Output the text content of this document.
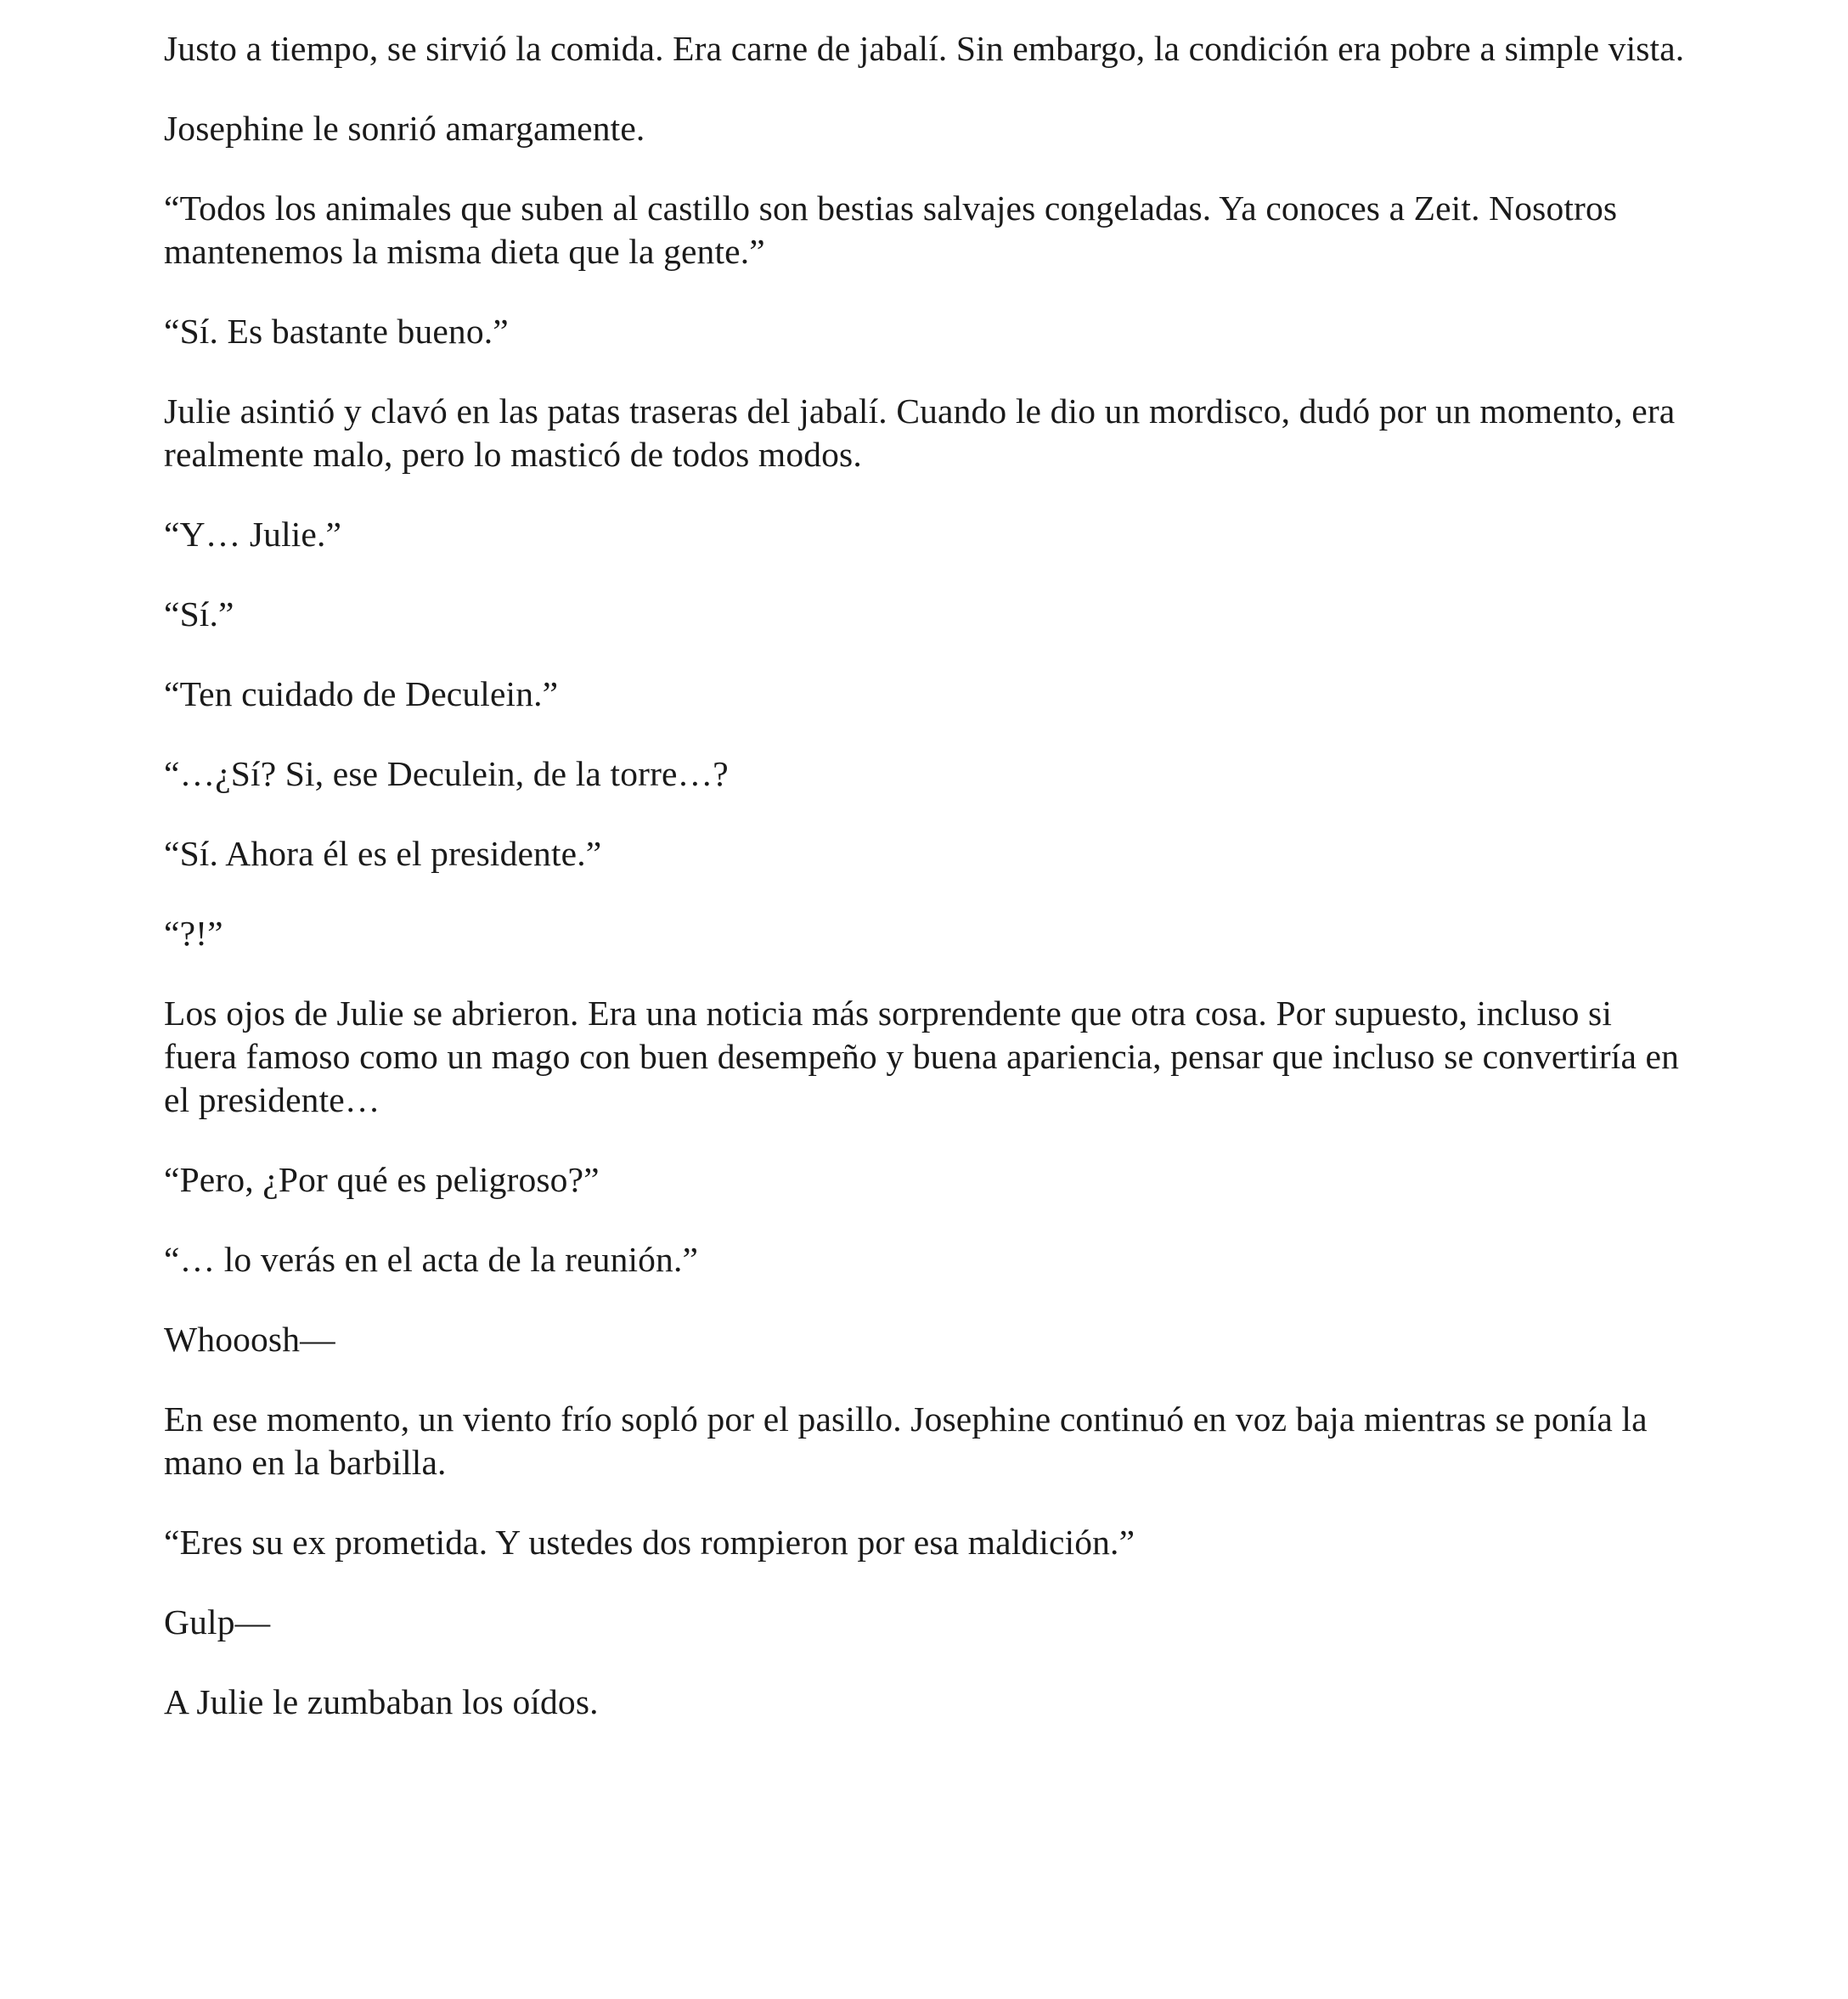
Justo a tiempo, se sirvió la comida. Era carne de jabalí. Sin embargo, la condición era pobre a simple vista.

Josephine le sonrió amargamente.

“Todos los animales que suben al castillo son bestias salvajes congeladas. Ya conoces a Zeit. Nosotros mantenemos la misma dieta que la gente.”

“Sí. Es bastante bueno.”

Julie asintió y clavó en las patas traseras del jabalí. Cuando le dio un mordisco, dudó por un momento, era realmente malo, pero lo masticó de todos modos.

“Y… Julie.”

“Sí.”

“Ten cuidado de Deculein.”

“…¿Sí? Si, ese Deculein, de la torre…?

“Sí. Ahora él es el presidente.”

“?!”

Los ojos de Julie se abrieron. Era una noticia más sorprendente que otra cosa. Por supuesto, incluso si fuera famoso como un mago con buen desempeño y buena apariencia, pensar que incluso se convertiría en el presidente…

“Pero, ¿Por qué es peligroso?”

“… lo verás en el acta de la reunión.”

Whooosh—

En ese momento, un viento frío sopló por el pasillo. Josephine continuó en voz baja mientras se ponía la mano en la barbilla.

“Eres su ex prometida. Y ustedes dos rompieron por esa maldición.”

Gulp—

A Julie le zumbaban los oídos.
